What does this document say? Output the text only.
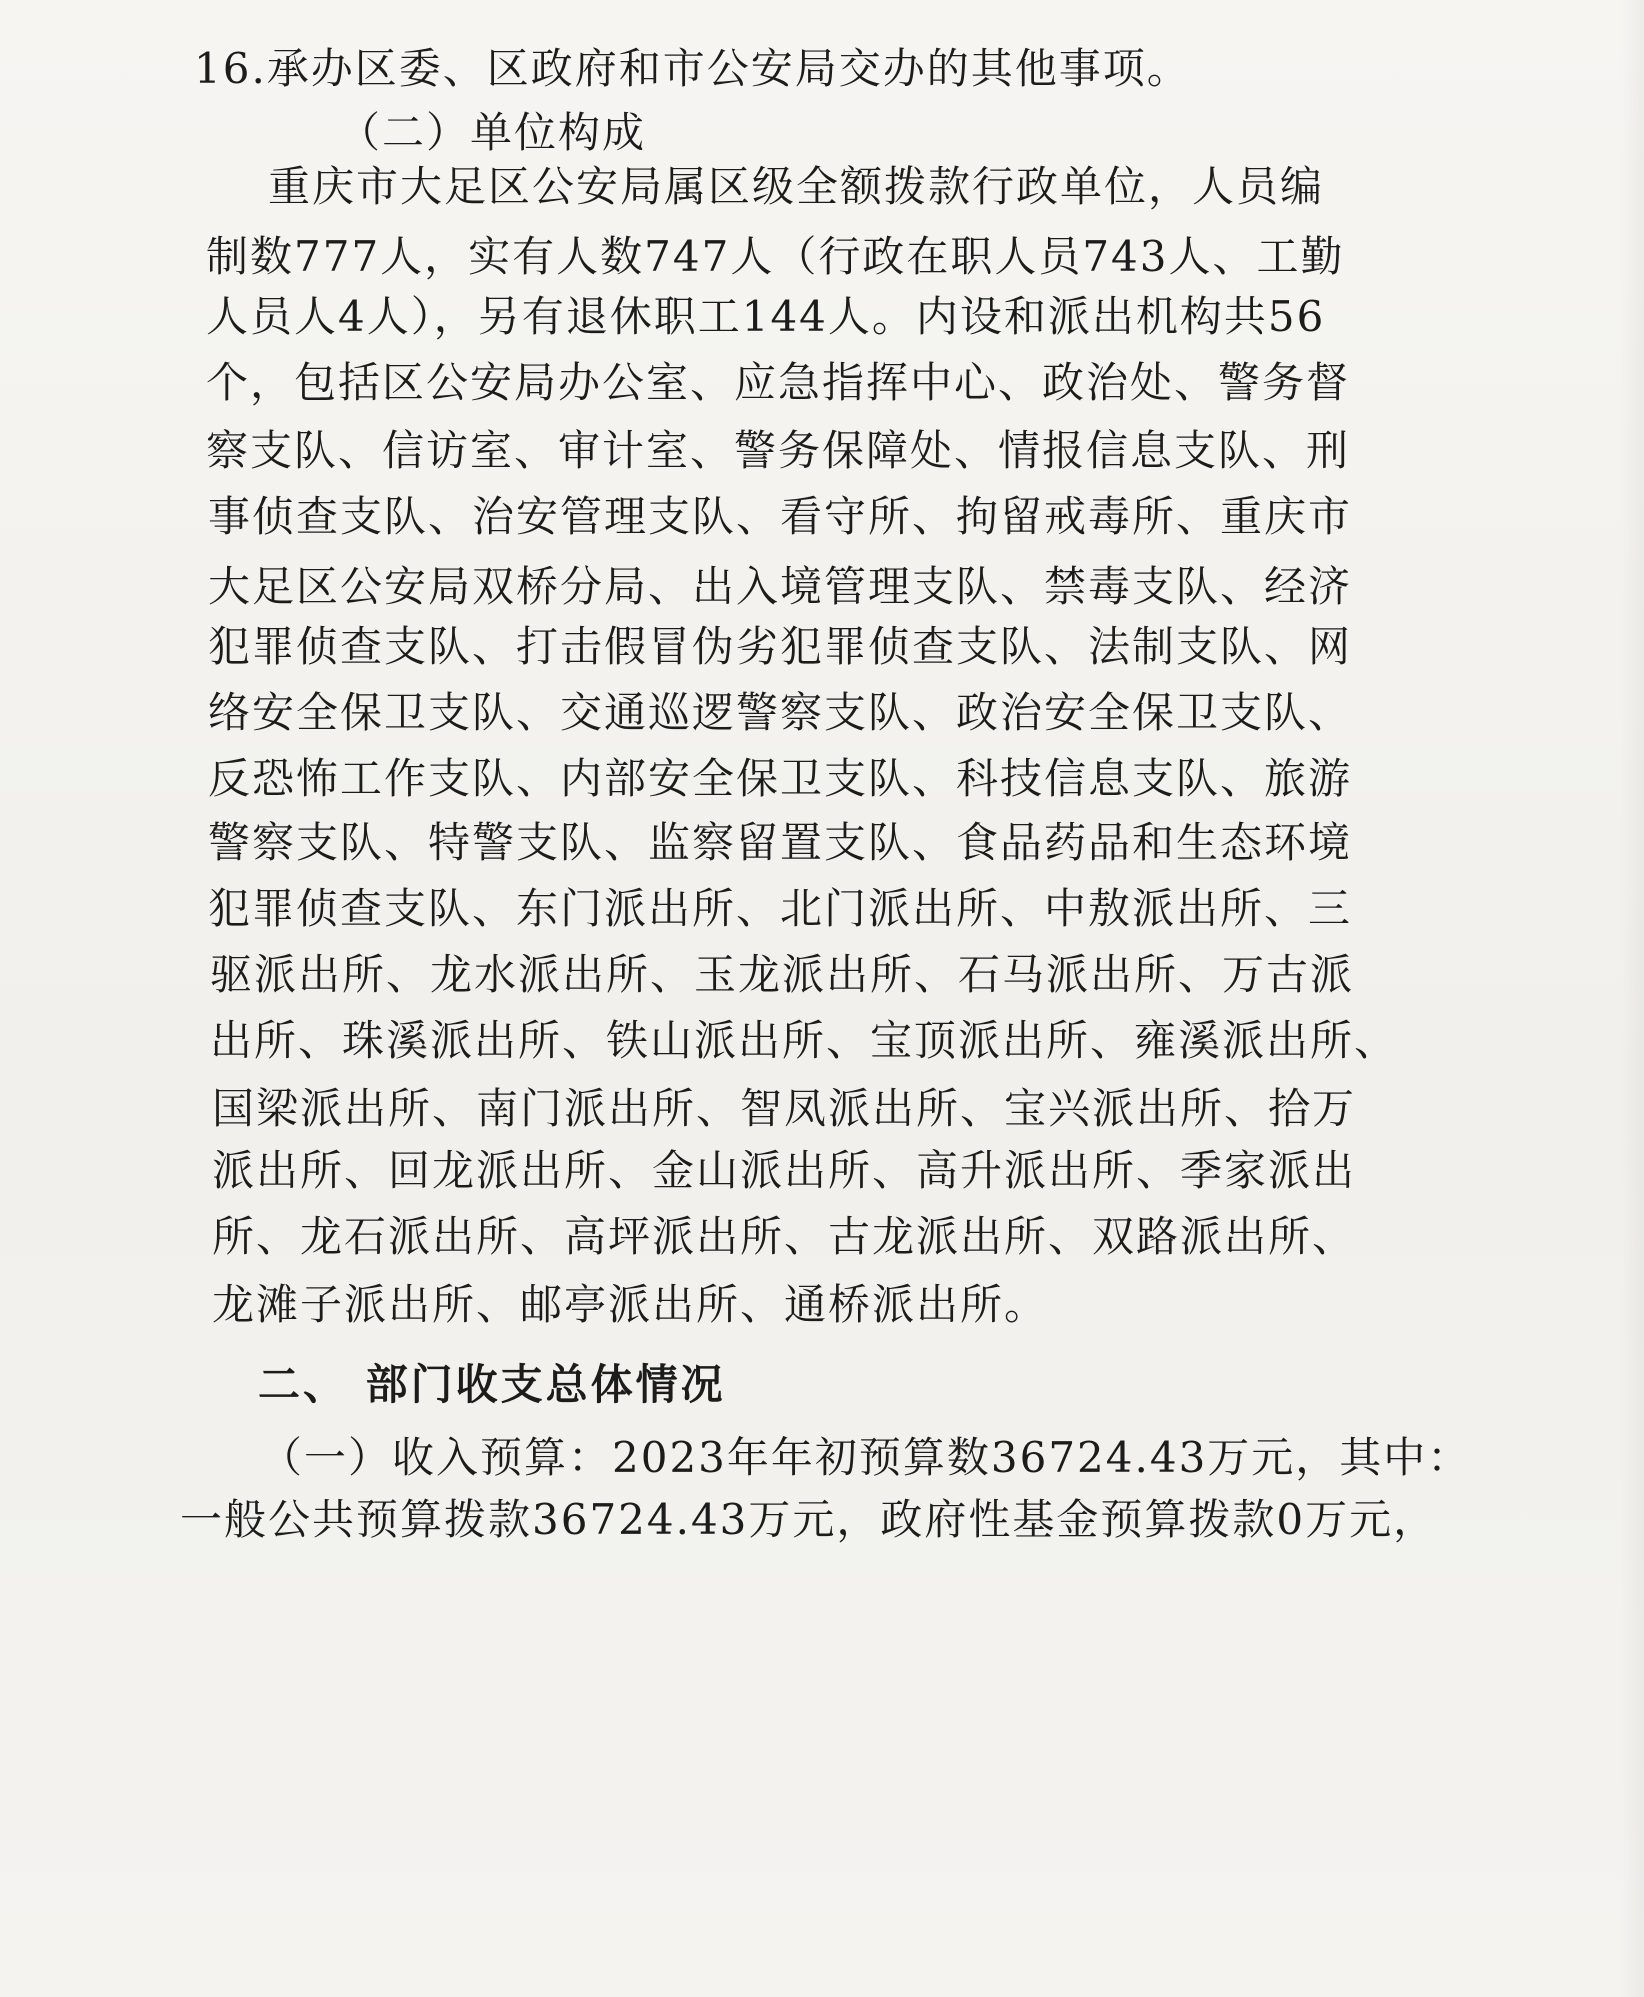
16.承办区委、区政府和市公安局交办的其他事项。
（二）单位构成
重庆市大足区公安局属区级全额拨款行政单位，人员编
制数777人，实有人数747人（行政在职人员743人、工勤
人员人4人），另有退休职工144人。内设和派出机构共56
个，包括区公安局办公室、应急指挥中心、政治处、警务督
察支队、信访室、审计室、警务保障处、情报信息支队、刑
事侦查支队、治安管理支队、看守所、拘留戒毒所、重庆市
大足区公安局双桥分局、出入境管理支队、禁毒支队、经济
犯罪侦查支队、打击假冒伪劣犯罪侦查支队、法制支队、网
络安全保卫支队、交通巡逻警察支队、政治安全保卫支队、
反恐怖工作支队、内部安全保卫支队、科技信息支队、旅游
警察支队、特警支队、监察留置支队、食品药品和生态环境
犯罪侦查支队、东门派出所、北门派出所、中敖派出所、三
驱派出所、龙水派出所、玉龙派出所、石马派出所、万古派
出所、珠溪派出所、铁山派出所、宝顶派出所、雍溪派出所、
国梁派出所、南门派出所、智凤派出所、宝兴派出所、拾万
派出所、回龙派出所、金山派出所、高升派出所、季家派出
所、龙石派出所、高坪派出所、古龙派出所、双路派出所、
龙滩子派出所、邮亭派出所、通桥派出所。
二、 部门收支总体情况
（一）收入预算：2023年年初预算数36724.43万元，其中：
一般公共预算拨款36724.43万元，政府性基金预算拨款0万元，
